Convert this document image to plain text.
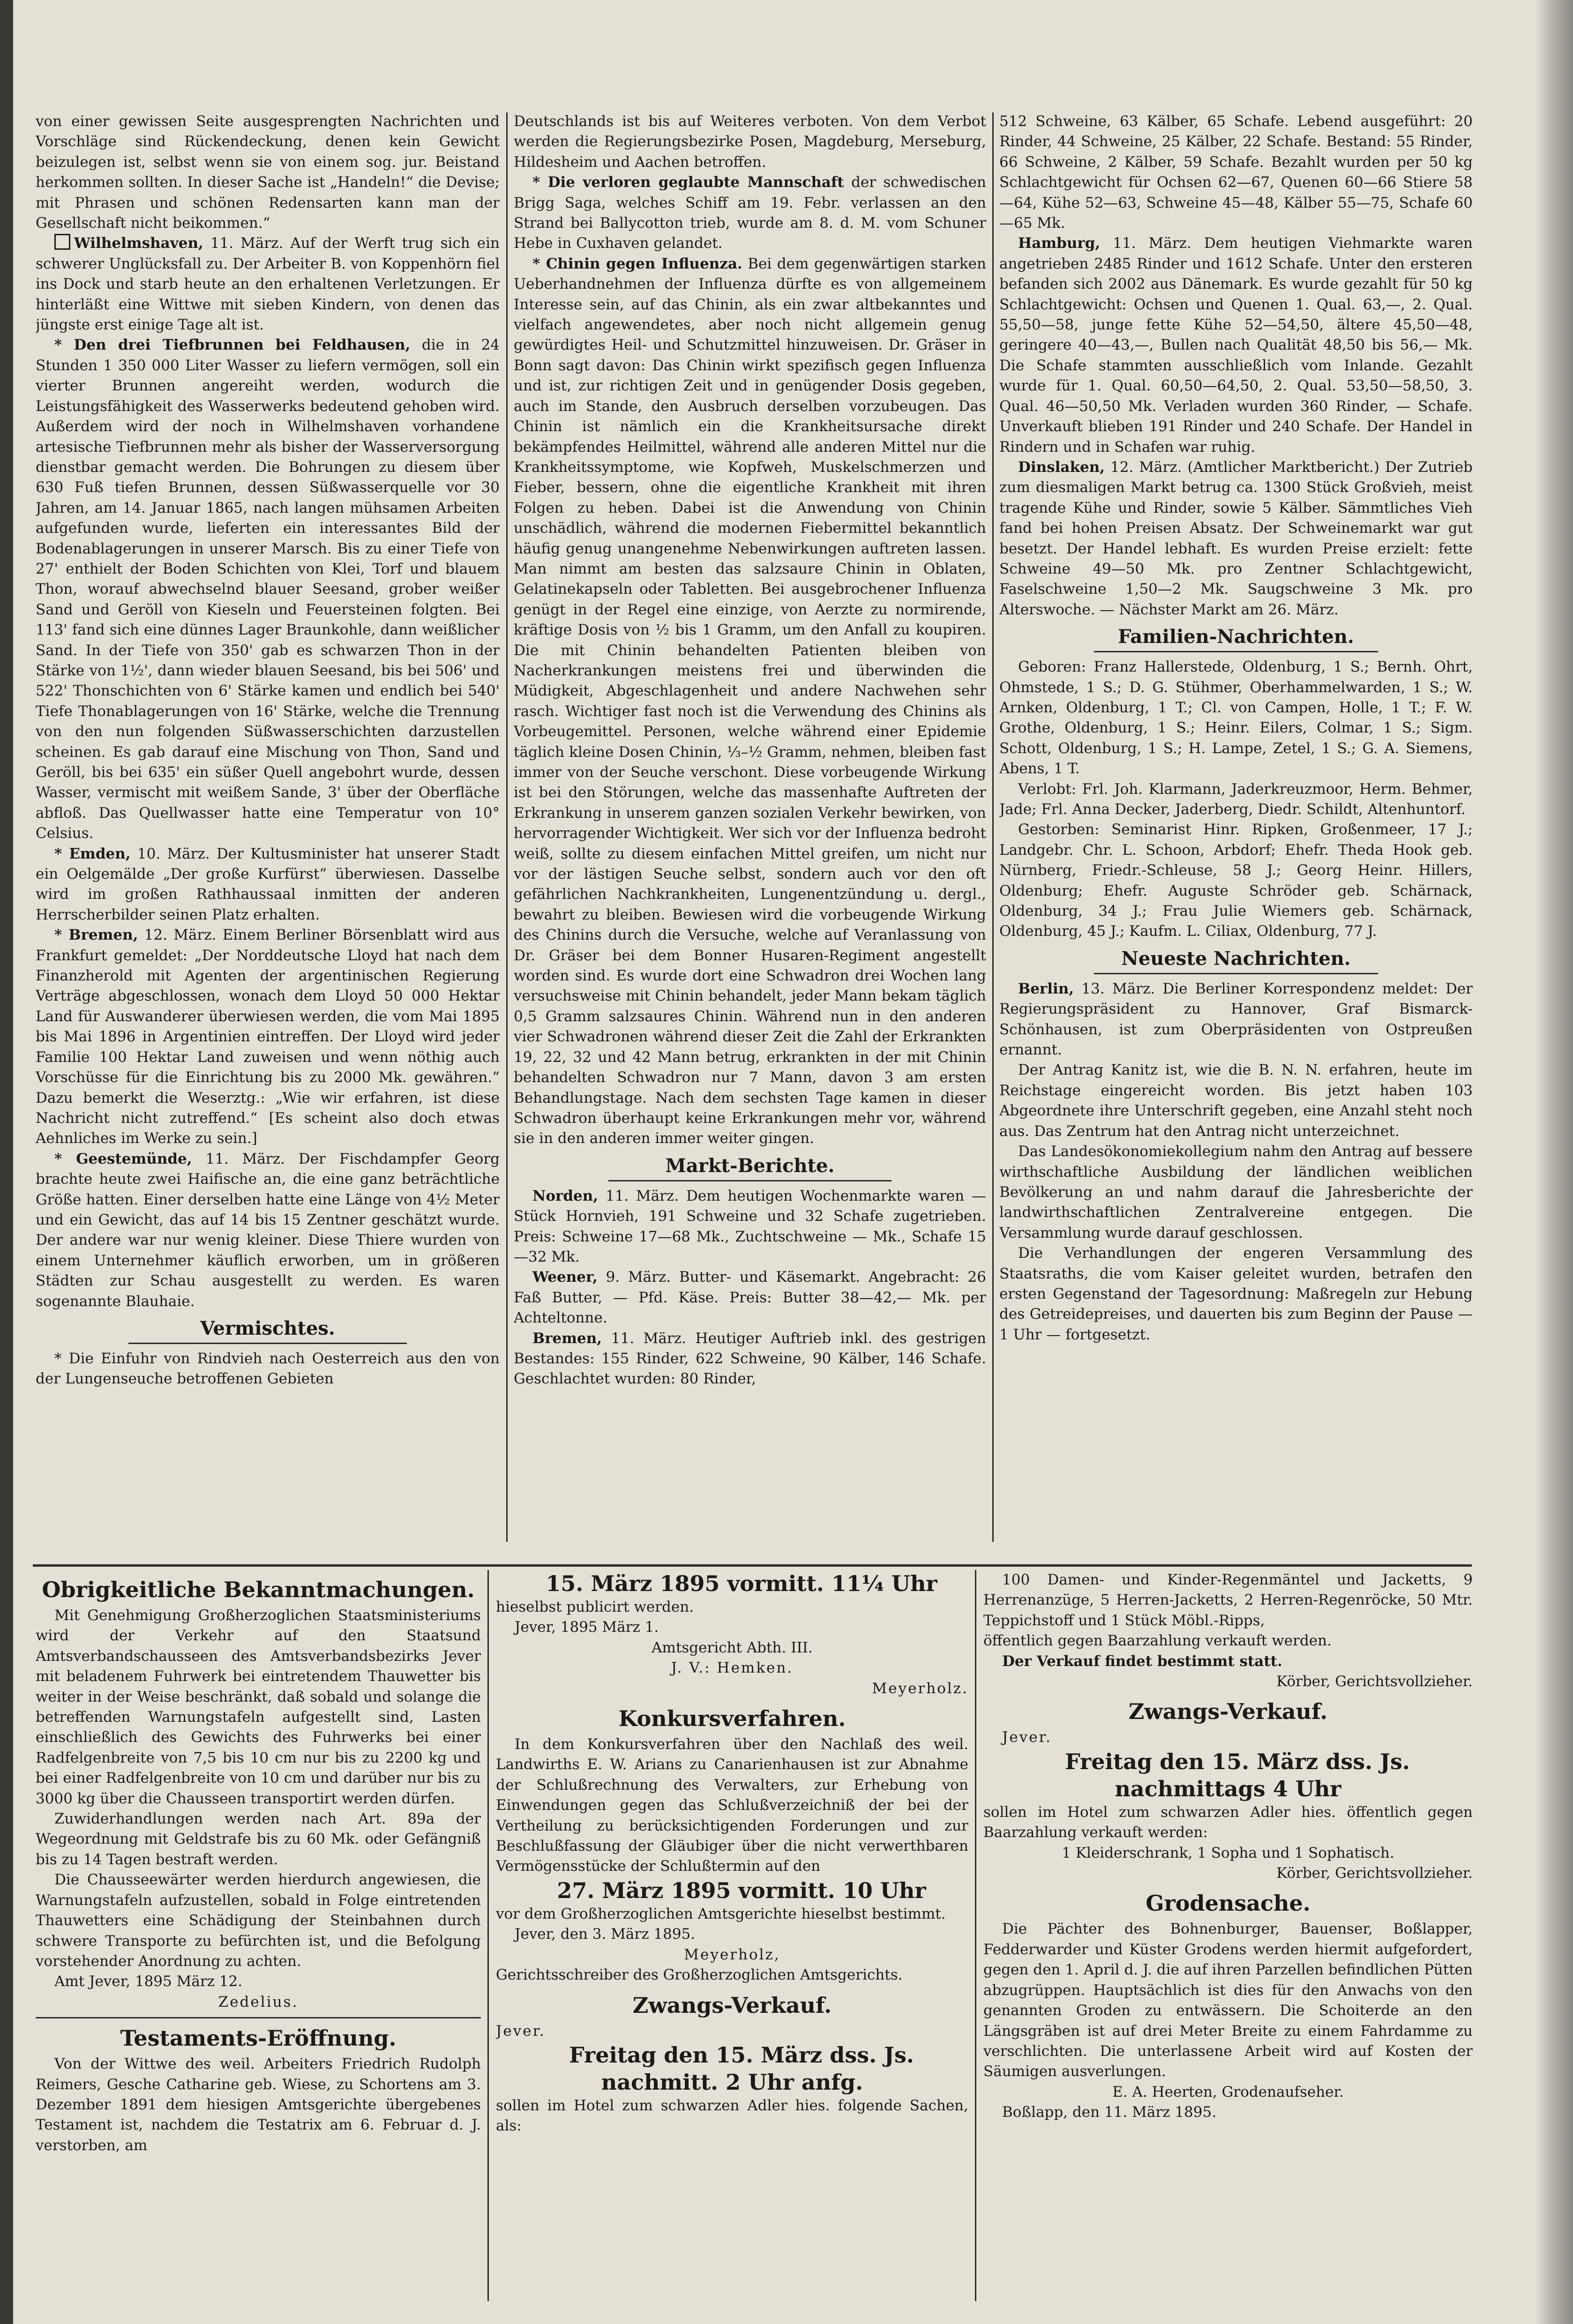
von einer gewissen Seite ausgesprengten Nachrichten und Vorschläge sind Rückendeckung, denen kein Gewicht beizulegen ist, selbst wenn sie von einem sog. jur. Beistand herkommen sollten. In dieser Sache ist „Handeln!“ die Devise; mit Phrasen und schönen Redensarten kann man der Gesellschaft nicht beikommen.“

Wilhelmshaven, 11. März. Auf der Werft trug sich ein schwerer Unglücksfall zu. Der Arbeiter B. von Koppenhörn fiel ins Dock und starb heute an den erhaltenen Verletzungen. Er hinterläßt eine Wittwe mit sieben Kindern, von denen das jüngste erst einige Tage alt ist.

* Den drei Tiefbrunnen bei Feldhausen, die in 24 Stunden 1 350 000 Liter Wasser zu liefern vermögen, soll ein vierter Brunnen angereiht werden, wodurch die Leistungsfähigkeit des Wasserwerks bedeutend gehoben wird. Außerdem wird der noch in Wilhelmshaven vorhandene artesische Tiefbrunnen mehr als bisher der Wasserversorgung dienstbar gemacht werden. Die Bohrungen zu diesem über 630 Fuß tiefen Brunnen, dessen Süßwasserquelle vor 30 Jahren, am 14. Januar 1865, nach langen mühsamen Arbeiten aufgefunden wurde, lieferten ein interessantes Bild der Bodenablagerungen in unserer Marsch. Bis zu einer Tiefe von 27' enthielt der Boden Schichten von Klei, Torf und blauem Thon, worauf abwechselnd blauer Seesand, grober weißer Sand und Geröll von Kieseln und Feuersteinen folgten. Bei 113' fand sich eine dünnes Lager Braunkohle, dann weißlicher Sand. In der Tiefe von 350' gab es schwarzen Thon in der Stärke von 1½', dann wieder blauen Seesand, bis bei 506' und 522' Thonschichten von 6' Stärke kamen und endlich bei 540' Tiefe Thonablagerungen von 16' Stärke, welche die Trennung von den nun folgenden Süßwasserschichten darzustellen scheinen. Es gab darauf eine Mischung von Thon, Sand und Geröll, bis bei 635' ein süßer Quell angebohrt wurde, dessen Wasser, vermischt mit weißem Sande, 3' über der Oberfläche abfloß. Das Quellwasser hatte eine Temperatur von 10° Celsius.

* Emden, 10. März. Der Kultusminister hat unserer Stadt ein Oelgemälde „Der große Kurfürst“ überwiesen. Dasselbe wird im großen Rathhaussaal inmitten der anderen Herrscherbilder seinen Platz erhalten.

* Bremen, 12. März. Einem Berliner Börsenblatt wird aus Frankfurt gemeldet: „Der Norddeutsche Lloyd hat nach dem Finanzherold mit Agenten der argentinischen Regierung Verträge abgeschlossen, wonach dem Lloyd 50 000 Hektar Land für Auswanderer überwiesen werden, die vom Mai 1895 bis Mai 1896 in Argentinien eintreffen. Der Lloyd wird jeder Familie 100 Hektar Land zuweisen und wenn nöthig auch Vorschüsse für die Einrichtung bis zu 2000 Mk. gewähren.“ Dazu bemerkt die Weserztg.: „Wie wir erfahren, ist diese Nachricht nicht zutreffend.“ [Es scheint also doch etwas Aehnliches im Werke zu sein.]

* Geestemünde, 11. März. Der Fischdampfer Georg brachte heute zwei Haifische an, die eine ganz beträchtliche Größe hatten. Einer derselben hatte eine Länge von 4½ Meter und ein Gewicht, das auf 14 bis 15 Zentner geschätzt wurde. Der andere war nur wenig kleiner. Diese Thiere wurden von einem Unternehmer käuflich erworben, um in größeren Städten zur Schau ausgestellt zu werden. Es waren sogenannte Blauhaie.

Vermischtes.

* Die Einfuhr von Rindvieh nach Oesterreich aus den von der Lungenseuche betroffenen Gebieten

Deutschlands ist bis auf Weiteres verboten. Von dem Verbot werden die Regierungsbezirke Posen, Magdeburg, Merseburg, Hildesheim und Aachen betroffen.

* Die verloren geglaubte Mannschaft der schwedischen Brigg Saga, welches Schiff am 19. Febr. verlassen an den Strand bei Ballycotton trieb, wurde am 8. d. M. vom Schuner Hebe in Cuxhaven gelandet.

* Chinin gegen Influenza. Bei dem gegenwärtigen starken Ueberhandnehmen der Influenza dürfte es von allgemeinem Interesse sein, auf das Chinin, als ein zwar altbekanntes und vielfach angewendetes, aber noch nicht allgemein genug gewürdigtes Heil- und Schutzmittel hinzuweisen. Dr. Gräser in Bonn sagt davon: Das Chinin wirkt spezifisch gegen Influenza und ist, zur richtigen Zeit und in genügender Dosis gegeben, auch im Stande, den Ausbruch derselben vorzubeugen. Das Chinin ist nämlich ein die Krankheitsursache direkt bekämpfendes Heilmittel, während alle anderen Mittel nur die Krankheitssymptome, wie Kopfweh, Muskelschmerzen und Fieber, bessern, ohne die eigentliche Krankheit mit ihren Folgen zu heben. Dabei ist die Anwendung von Chinin unschädlich, während die modernen Fiebermittel bekanntlich häufig genug unangenehme Nebenwirkungen auftreten lassen. Man nimmt am besten das salzsaure Chinin in Oblaten, Gelatinekapseln oder Tabletten. Bei ausgebrochener Influenza genügt in der Regel eine einzige, von Aerzte zu normirende, kräftige Dosis von ½ bis 1 Gramm, um den Anfall zu koupiren. Die mit Chinin behandelten Patienten bleiben von Nacherkrankungen meistens frei und überwinden die Müdigkeit, Abgeschlagenheit und andere Nachwehen sehr rasch. Wichtiger fast noch ist die Verwendung des Chinins als Vorbeugemittel. Personen, welche während einer Epidemie täglich kleine Dosen Chinin, ⅓–½ Gramm, nehmen, bleiben fast immer von der Seuche verschont. Diese vorbeugende Wirkung ist bei den Störungen, welche das massenhafte Auftreten der Erkrankung in unserem ganzen sozialen Verkehr bewirken, von hervorragender Wichtigkeit. Wer sich vor der Influenza bedroht weiß, sollte zu diesem einfachen Mittel greifen, um nicht nur vor der lästigen Seuche selbst, sondern auch vor den oft gefährlichen Nachkrankheiten, Lungenentzündung u. dergl., bewahrt zu bleiben. Bewiesen wird die vorbeugende Wirkung des Chinins durch die Versuche, welche auf Veranlassung von Dr. Gräser bei dem Bonner Husaren-Regiment angestellt worden sind. Es wurde dort eine Schwadron drei Wochen lang versuchsweise mit Chinin behandelt, jeder Mann bekam täglich 0,5 Gramm salzsaures Chinin. Während nun in den anderen vier Schwadronen während dieser Zeit die Zahl der Erkrankten 19, 22, 32 und 42 Mann betrug, erkrankten in der mit Chinin behandelten Schwadron nur 7 Mann, davon 3 am ersten Behandlungstage. Nach dem sechsten Tage kamen in dieser Schwadron überhaupt keine Erkrankungen mehr vor, während sie in den anderen immer weiter gingen.

Markt-Berichte.

Norden, 11. März. Dem heutigen Wochenmarkte waren — Stück Hornvieh, 191 Schweine und 32 Schafe zugetrieben. Preis: Schweine 17—68 Mk., Zuchtschweine — Mk., Schafe 15—32 Mk.

Weener, 9. März. Butter- und Käsemarkt. Angebracht: 26 Faß Butter, — Pfd. Käse. Preis: Butter 38—42,— Mk. per Achteltonne.

Bremen, 11. März. Heutiger Auftrieb inkl. des gestrigen Bestandes: 155 Rinder, 622 Schweine, 90 Kälber, 146 Schafe. Geschlachtet wurden: 80 Rinder,

512 Schweine, 63 Kälber, 65 Schafe. Lebend ausgeführt: 20 Rinder, 44 Schweine, 25 Kälber, 22 Schafe. Bestand: 55 Rinder, 66 Schweine, 2 Kälber, 59 Schafe. Bezahlt wurden per 50 kg Schlachtgewicht für Ochsen 62—67, Quenen 60—66 Stiere 58—64, Kühe 52—63, Schweine 45—48, Kälber 55—75, Schafe 60—65 Mk.

Hamburg, 11. März. Dem heutigen Viehmarkte waren angetrieben 2485 Rinder und 1612 Schafe. Unter den ersteren befanden sich 2002 aus Dänemark. Es wurde gezahlt für 50 kg Schlachtgewicht: Ochsen und Quenen 1. Qual. 63,—, 2. Qual. 55,50—58, junge fette Kühe 52—54,50, ältere 45,50—48, geringere 40—43,—, Bullen nach Qualität 48,50 bis 56,— Mk. Die Schafe stammten ausschließlich vom Inlande. Gezahlt wurde für 1. Qual. 60,50—64,50, 2. Qual. 53,50—58,50, 3. Qual. 46—50,50 Mk. Verladen wurden 360 Rinder, — Schafe. Unverkauft blieben 191 Rinder und 240 Schafe. Der Handel in Rindern und in Schafen war ruhig.

Dinslaken, 12. März. (Amtlicher Marktbericht.) Der Zutrieb zum diesmaligen Markt betrug ca. 1300 Stück Großvieh, meist tragende Kühe und Rinder, sowie 5 Kälber. Sämmtliches Vieh fand bei hohen Preisen Absatz. Der Schweinemarkt war gut besetzt. Der Handel lebhaft. Es wurden Preise erzielt: fette Schweine 49—50 Mk. pro Zentner Schlachtgewicht, Faselschweine 1,50—2 Mk. Saugschweine 3 Mk. pro Alterswoche. — Nächster Markt am 26. März.

Familien-Nachrichten.

Geboren: Franz Hallerstede, Oldenburg, 1 S.; Bernh. Ohrt, Ohmstede, 1 S.; D. G. Stühmer, Oberhammelwarden, 1 S.; W. Arnken, Oldenburg, 1 T.; Cl. von Campen, Holle, 1 T.; F. W. Grothe, Oldenburg, 1 S.; Heinr. Eilers, Colmar, 1 S.; Sigm. Schott, Oldenburg, 1 S.; H. Lampe, Zetel, 1 S.; G. A. Siemens, Abens, 1 T.

Verlobt: Frl. Joh. Klarmann, Jaderkreuzmoor, Herm. Behmer, Jade; Frl. Anna Decker, Jaderberg, Diedr. Schildt, Altenhuntorf.

Gestorben: Seminarist Hinr. Ripken, Großenmeer, 17 J.; Landgebr. Chr. L. Schoon, Arbdorf; Ehefr. Theda Hook geb. Nürnberg, Friedr.-Schleuse, 58 J.; Georg Heinr. Hillers, Oldenburg; Ehefr. Auguste Schröder geb. Schärnack, Oldenburg, 34 J.; Frau Julie Wiemers geb. Schärnack, Oldenburg, 45 J.; Kaufm. L. Ciliax, Oldenburg, 77 J.

Neueste Nachrichten.

Berlin, 13. März. Die Berliner Korrespondenz meldet: Der Regierungspräsident zu Hannover, Graf Bismarck-Schönhausen, ist zum Oberpräsidenten von Ostpreußen ernannt.

Der Antrag Kanitz ist, wie die B. N. N. erfahren, heute im Reichstage eingereicht worden. Bis jetzt haben 103 Abgeordnete ihre Unterschrift gegeben, eine Anzahl steht noch aus. Das Zentrum hat den Antrag nicht unterzeichnet.

Das Landesökonomiekollegium nahm den Antrag auf bessere wirthschaftliche Ausbildung der ländlichen weiblichen Bevölkerung an und nahm darauf die Jahresberichte der landwirthschaftlichen Zentralvereine entgegen. Die Versammlung wurde darauf geschlossen.

Die Verhandlungen der engeren Versammlung des Staatsraths, die vom Kaiser geleitet wurden, betrafen den ersten Gegenstand der Tagesordnung: Maßregeln zur Hebung des Getreidepreises, und dauerten bis zum Beginn der Pause — 1 Uhr — fortgesetzt.

Obrigkeitliche Bekanntmachungen.

Mit Genehmigung Großherzoglichen Staatsministeriums wird der Verkehr auf den Staatsund Amtsverbandschausseen des Amtsverbandsbezirks Jever mit beladenem Fuhrwerk bei eintretendem Thauwetter bis weiter in der Weise beschränkt, daß sobald und solange die betreffenden Warnungstafeln aufgestellt sind, Lasten einschließlich des Gewichts des Fuhrwerks bei einer Radfelgenbreite von 7,5 bis 10 cm nur bis zu 2200 kg und bei einer Radfelgenbreite von 10 cm und darüber nur bis zu 3000 kg über die Chausseen transportirt werden dürfen.

Zuwiderhandlungen werden nach Art. 89a der Wegeordnung mit Geldstrafe bis zu 60 Mk. oder Gefängniß bis zu 14 Tagen bestraft werden.

Die Chausseewärter werden hierdurch angewiesen, die Warnungstafeln aufzustellen, sobald in Folge eintretenden Thauwetters eine Schädigung der Steinbahnen durch schwere Transporte zu befürchten ist, und die Befolgung vorstehender Anordnung zu achten.

Amt Jever, 1895 März 12.

Zedelius.

Testaments-Eröffnung.

Von der Wittwe des weil. Arbeiters Friedrich Rudolph Reimers, Gesche Catharine geb. Wiese, zu Schortens am 3. Dezember 1891 dem hiesigen Amtsgerichte übergebenes Testament ist, nachdem die Testatrix am 6. Februar d. J. verstorben, am

15. März 1895 vormitt. 11¼ Uhr

hieselbst publicirt werden.

Jever, 1895 März 1.

Amtsgericht Abth. III.

J. V.: Hemken.

Meyerholz.

Konkursverfahren.

In dem Konkursverfahren über den Nachlaß des weil. Landwirths E. W. Arians zu Canarienhausen ist zur Abnahme der Schlußrechnung des Verwalters, zur Erhebung von Einwendungen gegen das Schlußverzeichniß der bei der Vertheilung zu berücksichtigenden Forderungen und zur Beschlußfassung der Gläubiger über die nicht verwerthbaren Vermögensstücke der Schlußtermin auf den

27. März 1895 vormitt. 10 Uhr

vor dem Großherzoglichen Amtsgerichte hieselbst bestimmt.

Jever, den 3. März 1895.

Meyerholz,

Gerichtsschreiber des Großherzoglichen Amtsgerichts.

Zwangs-Verkauf.

Jever.

Freitag den 15. März dss. Js. nachmitt. 2 Uhr anfg.

sollen im Hotel zum schwarzen Adler hies. folgende Sachen, als:

100 Damen- und Kinder-Regenmäntel und Jacketts, 9 Herrenanzüge, 5 Herren-Jacketts, 2 Herren-Regenröcke, 50 Mtr. Teppichstoff und 1 Stück Möbl.-Ripps,

öffentlich gegen Baarzahlung verkauft werden.

Der Verkauf findet bestimmt statt.

Körber, Gerichtsvollzieher.

Zwangs-Verkauf.

Jever.

Freitag den 15. März dss. Js. nachmittags 4 Uhr

sollen im Hotel zum schwarzen Adler hies. öffentlich gegen Baarzahlung verkauft werden:

1 Kleiderschrank, 1 Sopha und 1 Sophatisch.

Körber, Gerichtsvollzieher.

Grodensache.

Die Pächter des Bohnenburger, Bauenser, Boßlapper, Fedderwarder und Küster Grodens werden hiermit aufgefordert, gegen den 1. April d. J. die auf ihren Parzellen befindlichen Pütten abzugrüppen. Hauptsächlich ist dies für den Anwachs von den genannten Groden zu entwässern. Die Schoiterde an den Längsgräben ist auf drei Meter Breite zu einem Fahrdamme zu verschlichten. Die unterlassene Arbeit wird auf Kosten der Säumigen ausverlungen.

E. A. Heerten, Grodenaufseher.

Boßlapp, den 11. März 1895.
